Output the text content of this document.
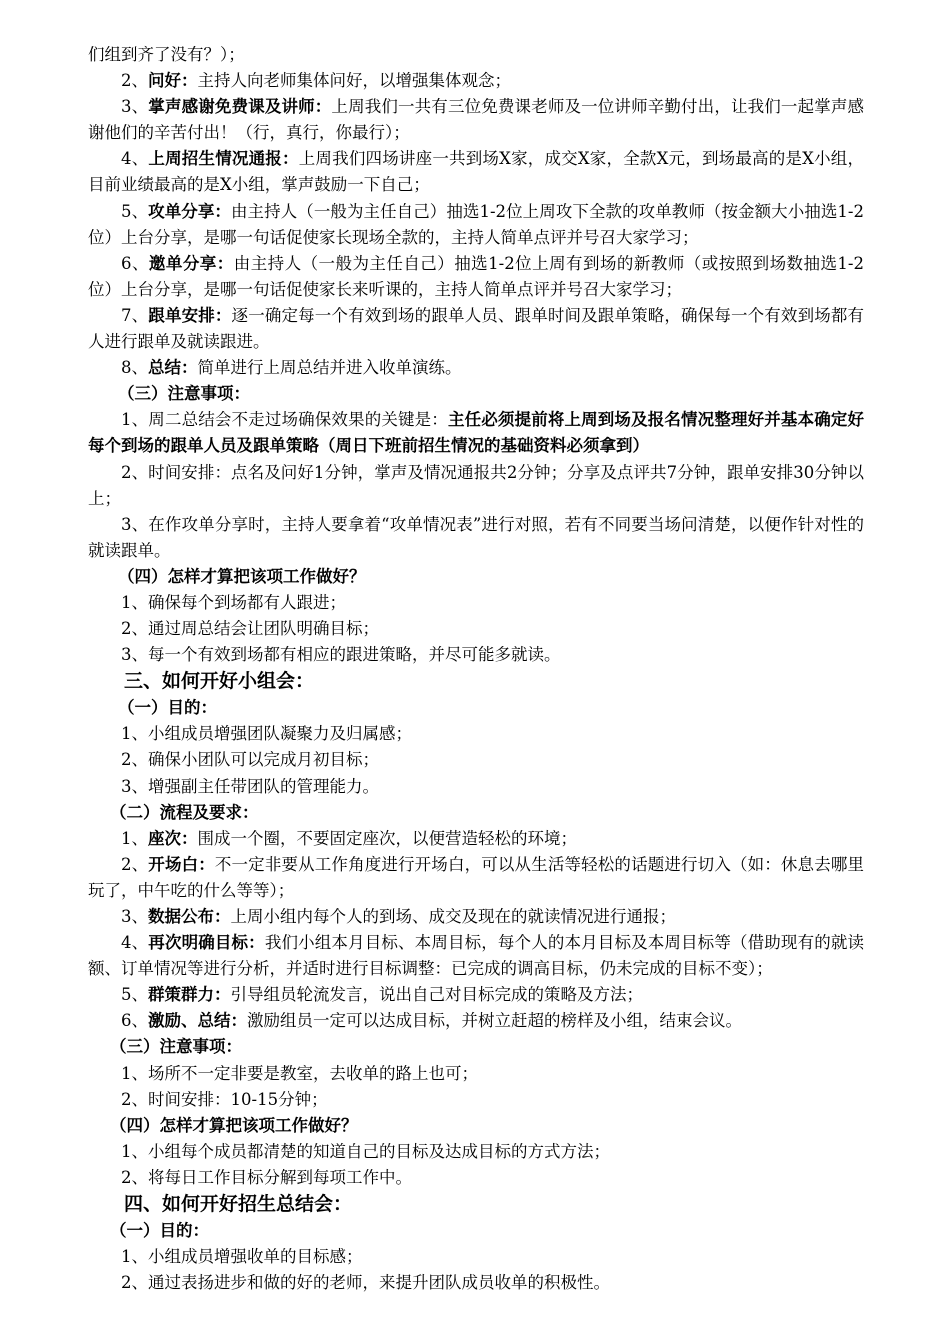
们组到齐了没有？）；

2、问好：主持人向老师集体问好，以增强集体观念；

3、掌声感谢免费课及讲师：上周我们一共有三位免费课老师及一位讲师辛勤付出，让我们一起掌声感谢他们的辛苦付出！（行，真行，你最行）；

4、上周招生情况通报：上周我们四场讲座一共到场X家，成交X家，全款X元，到场最高的是X小组，目前业绩最高的是X小组，掌声鼓励一下自己；

5、攻单分享：由主持人（一般为主任自己）抽选1-2位上周攻下全款的攻单教师（按金额大小抽选1-2位）上台分享，是哪一句话促使家长现场全款的，主持人简单点评并号召大家学习；

6、邀单分享：由主持人（一般为主任自己）抽选1-2位上周有到场的新教师（或按照到场数抽选1-2位）上台分享，是哪一句话促使家长来听课的，主持人简单点评并号召大家学习；

7、跟单安排：逐一确定每一个有效到场的跟单人员、跟单时间及跟单策略，确保每一个有效到场都有人进行跟单及就读跟进。

8、总结：简单进行上周总结并进入收单演练。

（三）注意事项：

1、周二总结会不走过场确保效果的关键是：主任必须提前将上周到场及报名情况整理好并基本确定好每个到场的跟单人员及跟单策略（周日下班前招生情况的基础资料必须拿到）

2、时间安排：点名及问好1分钟，掌声及情况通报共2分钟；分享及点评共7分钟，跟单安排30分钟以上；

3、在作攻单分享时，主持人要拿着“攻单情况表”进行对照，若有不同要当场问清楚，以便作针对性的就读跟单。

（四）怎样才算把该项工作做好？

1、确保每个到场都有人跟进；

2、通过周总结会让团队明确目标；

3、每一个有效到场都有相应的跟进策略，并尽可能多就读。

三、如何开好小组会：

（一）目的：

1、小组成员增强团队凝聚力及归属感；

2、确保小团队可以完成月初目标；

3、增强副主任带团队的管理能力。

（二）流程及要求：

1、座次：围成一个圈，不要固定座次，以便营造轻松的环境；

2、开场白：不一定非要从工作角度进行开场白，可以从生活等轻松的话题进行切入（如：休息去哪里玩了，中午吃的什么等等）；

3、数据公布：上周小组内每个人的到场、成交及现在的就读情况进行通报；

4、再次明确目标：我们小组本月目标、本周目标，每个人的本月目标及本周目标等（借助现有的就读额、订单情况等进行分析，并适时进行目标调整：已完成的调高目标，仍未完成的目标不变）；

5、群策群力：引导组员轮流发言，说出自己对目标完成的策略及方法；

6、激励、总结：激励组员一定可以达成目标，并树立赶超的榜样及小组，结束会议。

（三）注意事项：

1、场所不一定非要是教室，去收单的路上也可；

2、时间安排：10-15分钟；

（四）怎样才算把该项工作做好？

1、小组每个成员都清楚的知道自己的目标及达成目标的方式方法；

2、将每日工作目标分解到每项工作中。

四、如何开好招生总结会：

（一）目的：

1、小组成员增强收单的目标感；

2、通过表扬进步和做的好的老师，来提升团队成员收单的积极性。
